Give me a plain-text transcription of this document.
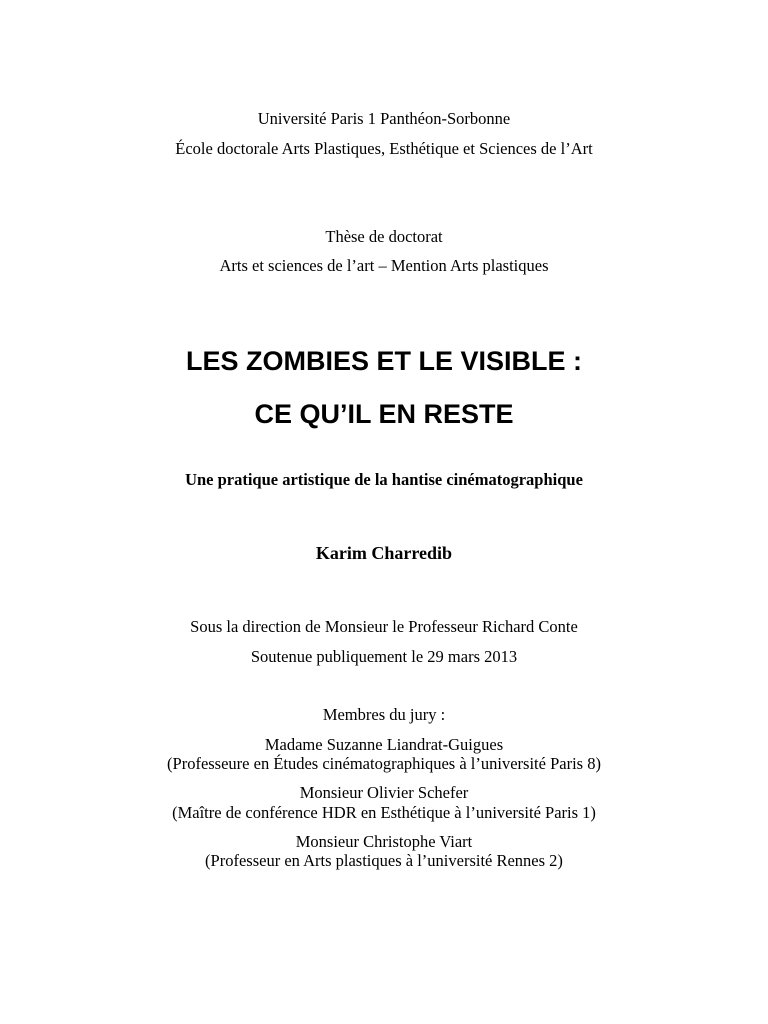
Université Paris 1 Panthéon-Sorbonne
École doctorale Arts Plastiques, Esthétique et Sciences de l’Art
Thèse de doctorat
Arts et sciences de l’art – Mention Arts plastiques
LES ZOMBIES ET LE VISIBLE :
CE QU’IL EN RESTE
Une pratique artistique de la hantise cinématographique
Karim Charredib
Sous la direction de Monsieur le Professeur Richard Conte
Soutenue publiquement le 29 mars 2013
Membres du jury :
Madame Suzanne Liandrat-Guigues
(Professeure en Études cinématographiques à l’université Paris 8)
Monsieur Olivier Schefer
(Maître de conférence HDR en Esthétique à l’université Paris 1)
Monsieur Christophe Viart
(Professeur en Arts plastiques à l’université Rennes 2)
